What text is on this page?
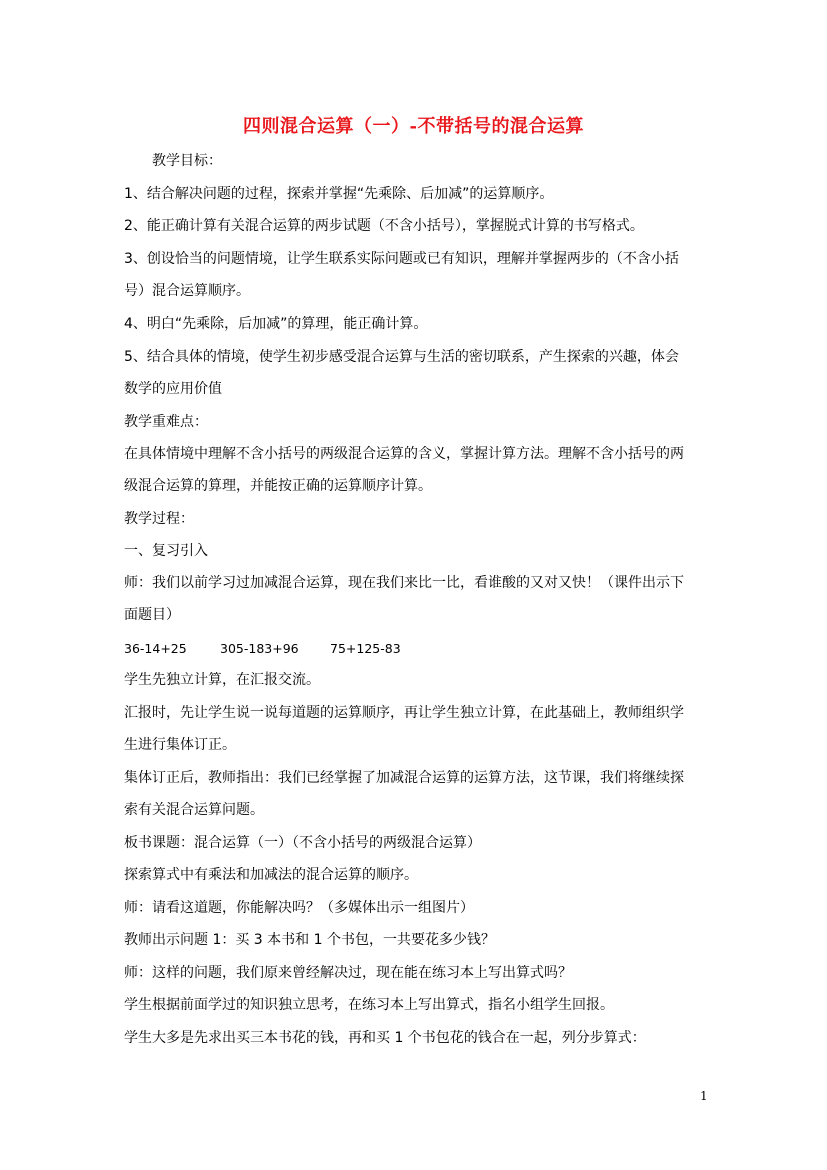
四则混合运算（一）-不带括号的混合运算
教学目标：
1、结合解决问题的过程，探索并掌握“先乘除、后加减”的运算顺序。
2、能正确计算有关混合运算的两步试题（不含小括号），掌握脱式计算的书写格式。
3、创设恰当的问题情境，让学生联系实际问题或已有知识，理解并掌握两步的（不含小括
号）混合运算顺序。
4、明白“先乘除，后加减”的算理，能正确计算。
5、结合具体的情境，使学生初步感受混合运算与生活的密切联系，产生探索的兴趣，体会
数学的应用价值
教学重难点：
在具体情境中理解不含小括号的两级混合运算的含义，掌握计算方法。理解不含小括号的两
级混合运算的算理，并能按正确的运算顺序计算。
教学过程：
一、复习引入
师：我们以前学习过加减混合运算，现在我们来比一比，看谁酸的又对又快！（课件出示下
面题目）
36-14+25	305-183+96	75+125-83
学生先独立计算，在汇报交流。
汇报时，先让学生说一说每道题的运算顺序，再让学生独立计算，在此基础上，教师组织学
生进行集体订正。
集体订正后，教师指出：我们已经掌握了加减混合运算的运算方法，这节课，我们将继续探
索有关混合运算问题。
板书课题：混合运算（一）（不含小括号的两级混合运算）
探索算式中有乘法和加减法的混合运算的顺序。
师：请看这道题，你能解决吗？（多媒体出示一组图片）
教师出示问题 1：买 3 本书和 1 个书包，一共要花多少钱？
师：这样的问题，我们原来曾经解决过，现在能在练习本上写出算式吗？
学生根据前面学过的知识独立思考，在练习本上写出算式，指名小组学生回报。
学生大多是先求出买三本书花的钱，再和买 1 个书包花的钱合在一起，列分步算式：
1
